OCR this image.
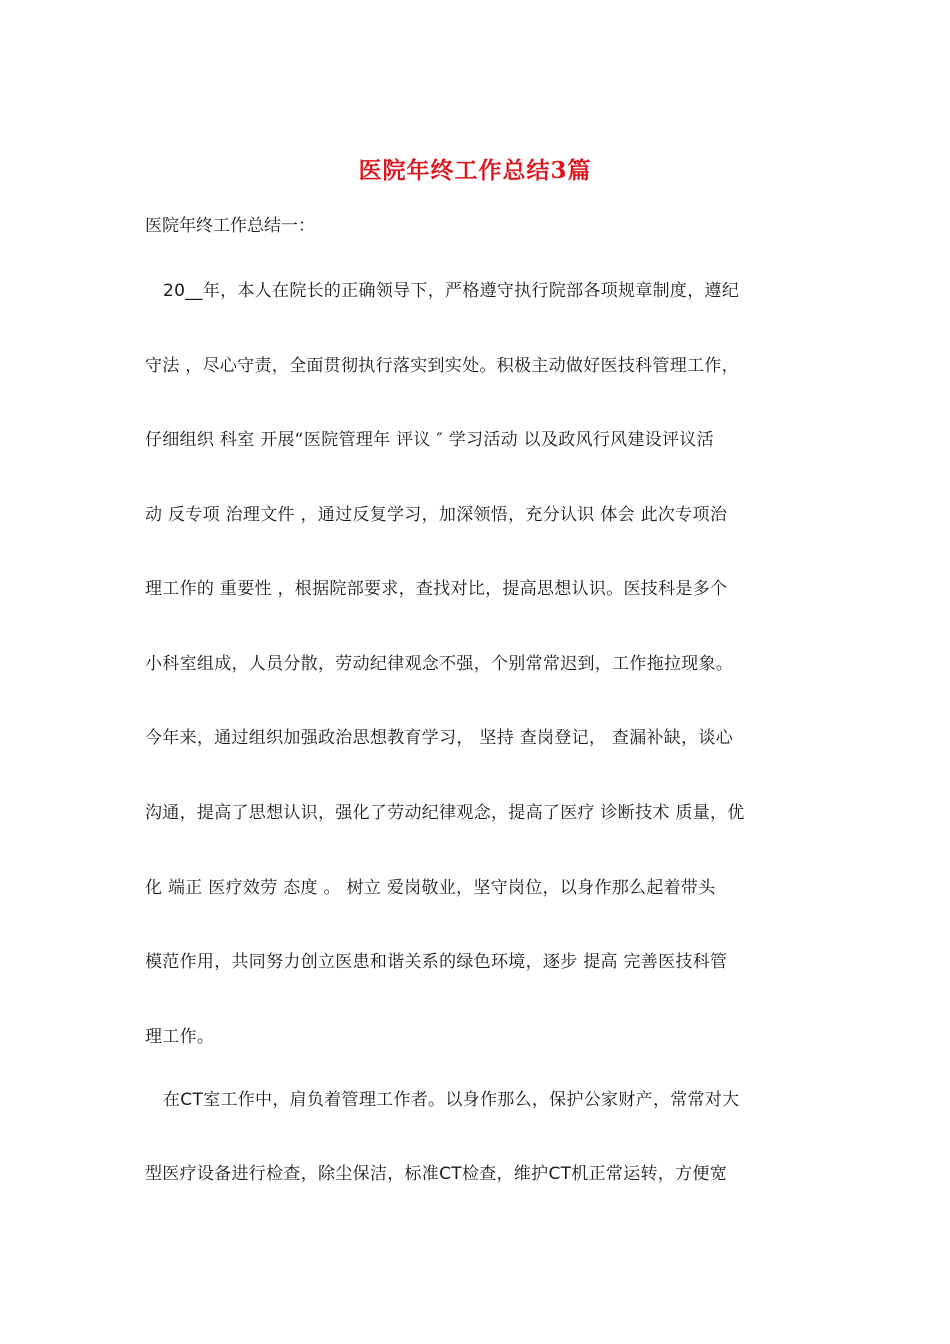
医院年终工作总结3篇
医院年终工作总结一：
20__年，本人在院长的正确领导下，严格遵守执行院部各项规章制度，遵纪
守法 ，尽心守责，全面贯彻执行落实到实处。积极主动做好医技科管理工作，
仔细组织 科室 开展“医院管理年 评议 ″ 学习活动 以及政风行风建设评议活
动 反专项 治理文件 ，通过反复学习，加深领悟，充分认识 体会 此次专项治
理工作的 重要性 ，根据院部要求，查找对比，提高思想认识。医技科是多个
小科室组成，人员分散，劳动纪律观念不强，个别常常迟到，工作拖拉现象。
今年来，通过组织加强政治思想教育学习， 坚持 查岗登记， 查漏补缺，谈心
沟通，提高了思想认识，强化了劳动纪律观念，提高了医疗 诊断技术 质量，优
化 端正 医疗效劳 态度 。 树立 爱岗敬业，坚守岗位，以身作那么起着带头
模范作用，共同努力创立医患和谐关系的绿色环境，逐步 提高 完善医技科管
理工作。
在CT室工作中，肩负着管理工作者。以身作那么，保护公家财产，常常对大
型医疗设备进行检查，除尘保洁，标准CT检查，维护CT机正常运转，方便宽
